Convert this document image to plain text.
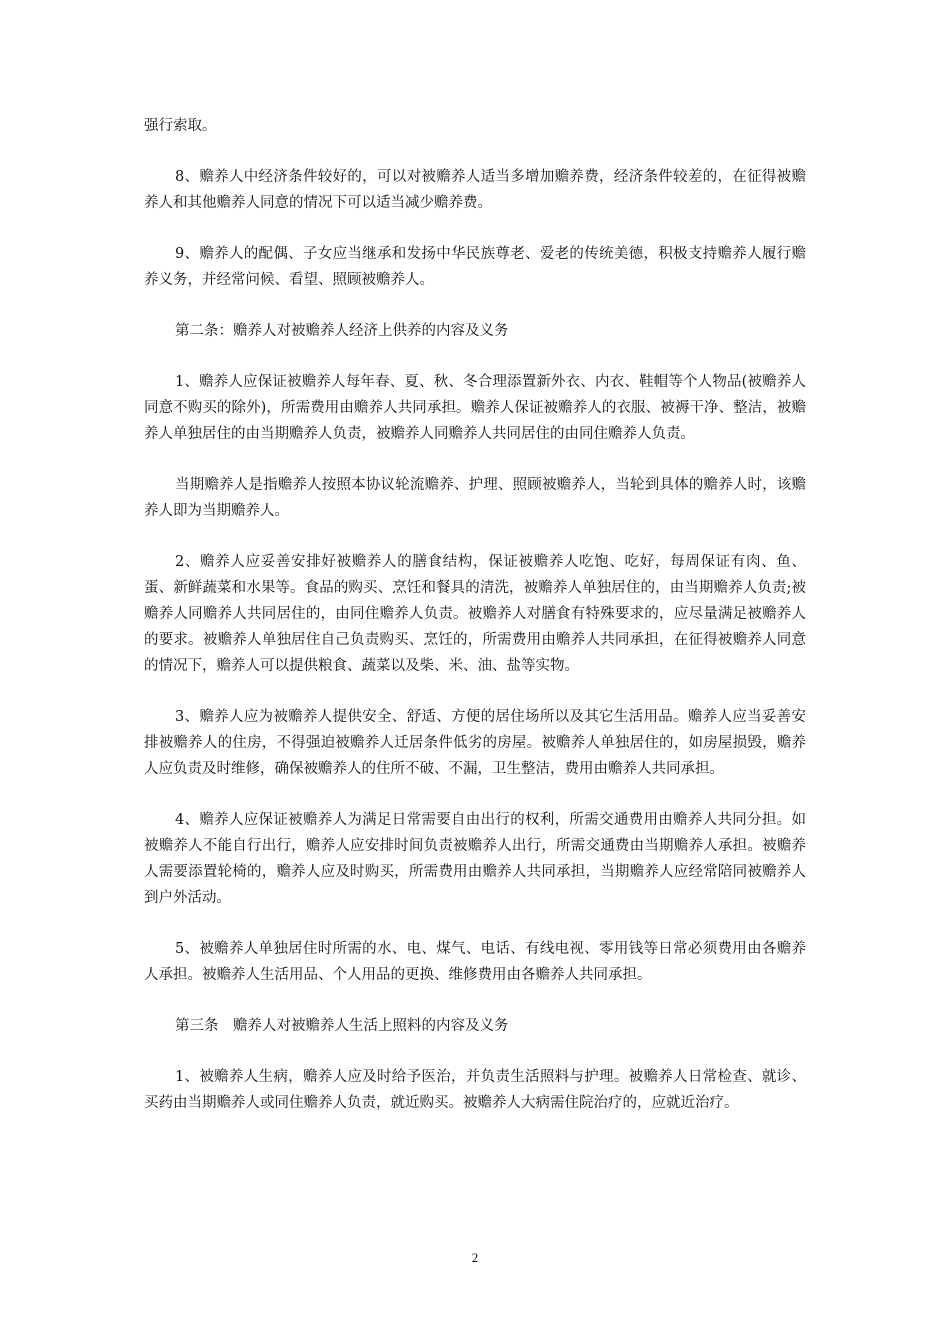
强行索取。

8、赡养人中经济条件较好的，可以对被赡养人适当多增加赡养费，经济条件较差的，在征得被赡养人和其他赡养人同意的情况下可以适当减少赡养费。

9、赡养人的配偶、子女应当继承和发扬中华民族尊老、爱老的传统美德，积极支持赡养人履行赡养义务，并经常问候、看望、照顾被赡养人。

第二条：赡养人对被赡养人经济上供养的内容及义务

1、赡养人应保证被赡养人每年春、夏、秋、冬合理添置新外衣、内衣、鞋帽等个人物品(被赡养人同意不购买的除外)，所需费用由赡养人共同承担。赡养人保证被赡养人的衣服、被褥干净、整洁，被赡养人单独居住的由当期赡养人负责，被赡养人同赡养人共同居住的由同住赡养人负责。

当期赡养人是指赡养人按照本协议轮流赡养、护理、照顾被赡养人，当轮到具体的赡养人时，该赡养人即为当期赡养人。

2、赡养人应妥善安排好被赡养人的膳食结构，保证被赡养人吃饱、吃好，每周保证有肉、鱼、蛋、新鲜蔬菜和水果等。食品的购买、烹饪和餐具的清洗，被赡养人单独居住的，由当期赡养人负责;被赡养人同赡养人共同居住的，由同住赡养人负责。被赡养人对膳食有特殊要求的，应尽量满足被赡养人的要求。被赡养人单独居住自己负责购买、烹饪的，所需费用由赡养人共同承担，在征得被赡养人同意的情况下，赡养人可以提供粮食、蔬菜以及柴、米、油、盐等实物。

3、赡养人应为被赡养人提供安全、舒适、方便的居住场所以及其它生活用品。赡养人应当妥善安排被赡养人的住房，不得强迫被赡养人迁居条件低劣的房屋。被赡养人单独居住的，如房屋损毁，赡养人应负责及时维修，确保被赡养人的住所不破、不漏，卫生整洁，费用由赡养人共同承担。

4、赡养人应保证被赡养人为满足日常需要自由出行的权利，所需交通费用由赡养人共同分担。如被赡养人不能自行出行，赡养人应安排时间负责被赡养人出行，所需交通费由当期赡养人承担。被赡养人需要添置轮椅的，赡养人应及时购买，所需费用由赡养人共同承担，当期赡养人应经常陪同被赡养人到户外活动。

5、被赡养人单独居住时所需的水、电、煤气、电话、有线电视、零用钱等日常必须费用由各赡养人承担。被赡养人生活用品、个人用品的更换、维修费用由各赡养人共同承担。

第三条　赡养人对被赡养人生活上照料的内容及义务

1、被赡养人生病，赡养人应及时给予医治，并负责生活照料与护理。被赡养人日常检查、就诊、买药由当期赡养人或同住赡养人负责，就近购买。被赡养人大病需住院治疗的，应就近治疗。

2
